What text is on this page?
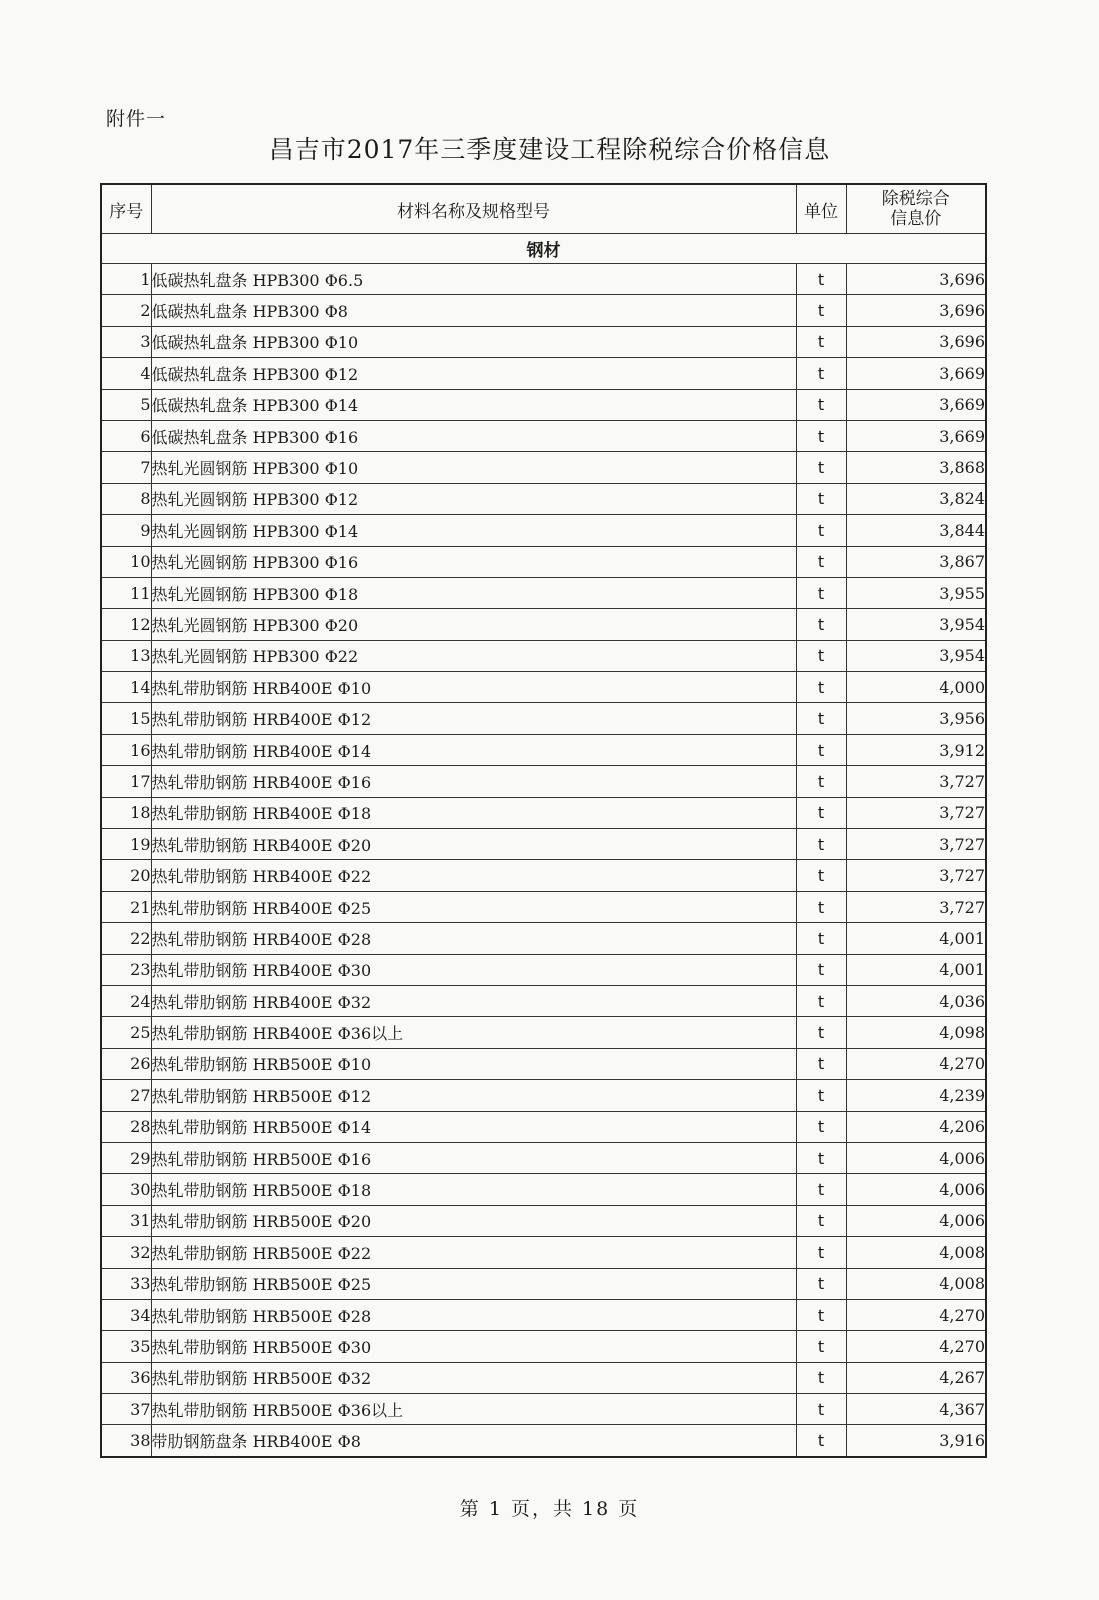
附件一
昌吉市2017年三季度建设工程除税综合价格信息
序号	材料名称及规格型号	单位	除税综合
信息价

钢材			
1	低碳热轧盘条 HPB300 Φ6.5	t	3,696
2	低碳热轧盘条 HPB300 Φ8	t	3,696
3	低碳热轧盘条 HPB300 Φ10	t	3,696
4	低碳热轧盘条 HPB300 Φ12	t	3,669
5	低碳热轧盘条 HPB300 Φ14	t	3,669
6	低碳热轧盘条 HPB300 Φ16	t	3,669
7	热轧光圆钢筋 HPB300 Φ10	t	3,868
8	热轧光圆钢筋 HPB300 Φ12	t	3,824
9	热轧光圆钢筋 HPB300 Φ14	t	3,844
10	热轧光圆钢筋 HPB300 Φ16	t	3,867
11	热轧光圆钢筋 HPB300 Φ18	t	3,955
12	热轧光圆钢筋 HPB300 Φ20	t	3,954
13	热轧光圆钢筋 HPB300 Φ22	t	3,954
14	热轧带肋钢筋 HRB400E Φ10	t	4,000
15	热轧带肋钢筋 HRB400E Φ12	t	3,956
16	热轧带肋钢筋 HRB400E Φ14	t	3,912
17	热轧带肋钢筋 HRB400E Φ16	t	3,727
18	热轧带肋钢筋 HRB400E Φ18	t	3,727
19	热轧带肋钢筋 HRB400E Φ20	t	3,727
20	热轧带肋钢筋 HRB400E Φ22	t	3,727
21	热轧带肋钢筋 HRB400E Φ25	t	3,727
22	热轧带肋钢筋 HRB400E Φ28	t	4,001
23	热轧带肋钢筋 HRB400E Φ30	t	4,001
24	热轧带肋钢筋 HRB400E Φ32	t	4,036
25	热轧带肋钢筋 HRB400E Φ36以上	t	4,098
26	热轧带肋钢筋 HRB500E Φ10	t	4,270
27	热轧带肋钢筋 HRB500E Φ12	t	4,239
28	热轧带肋钢筋 HRB500E Φ14	t	4,206
29	热轧带肋钢筋 HRB500E Φ16	t	4,006
30	热轧带肋钢筋 HRB500E Φ18	t	4,006
31	热轧带肋钢筋 HRB500E Φ20	t	4,006
32	热轧带肋钢筋 HRB500E Φ22	t	4,008
33	热轧带肋钢筋 HRB500E Φ25	t	4,008
34	热轧带肋钢筋 HRB500E Φ28	t	4,270
35	热轧带肋钢筋 HRB500E Φ30	t	4,270
36	热轧带肋钢筋 HRB500E Φ32	t	4,267
37	热轧带肋钢筋 HRB500E Φ36以上	t	4,367
38	带肋钢筋盘条 HRB400E Φ8	t	3,916
第 1 页，共 18 页
